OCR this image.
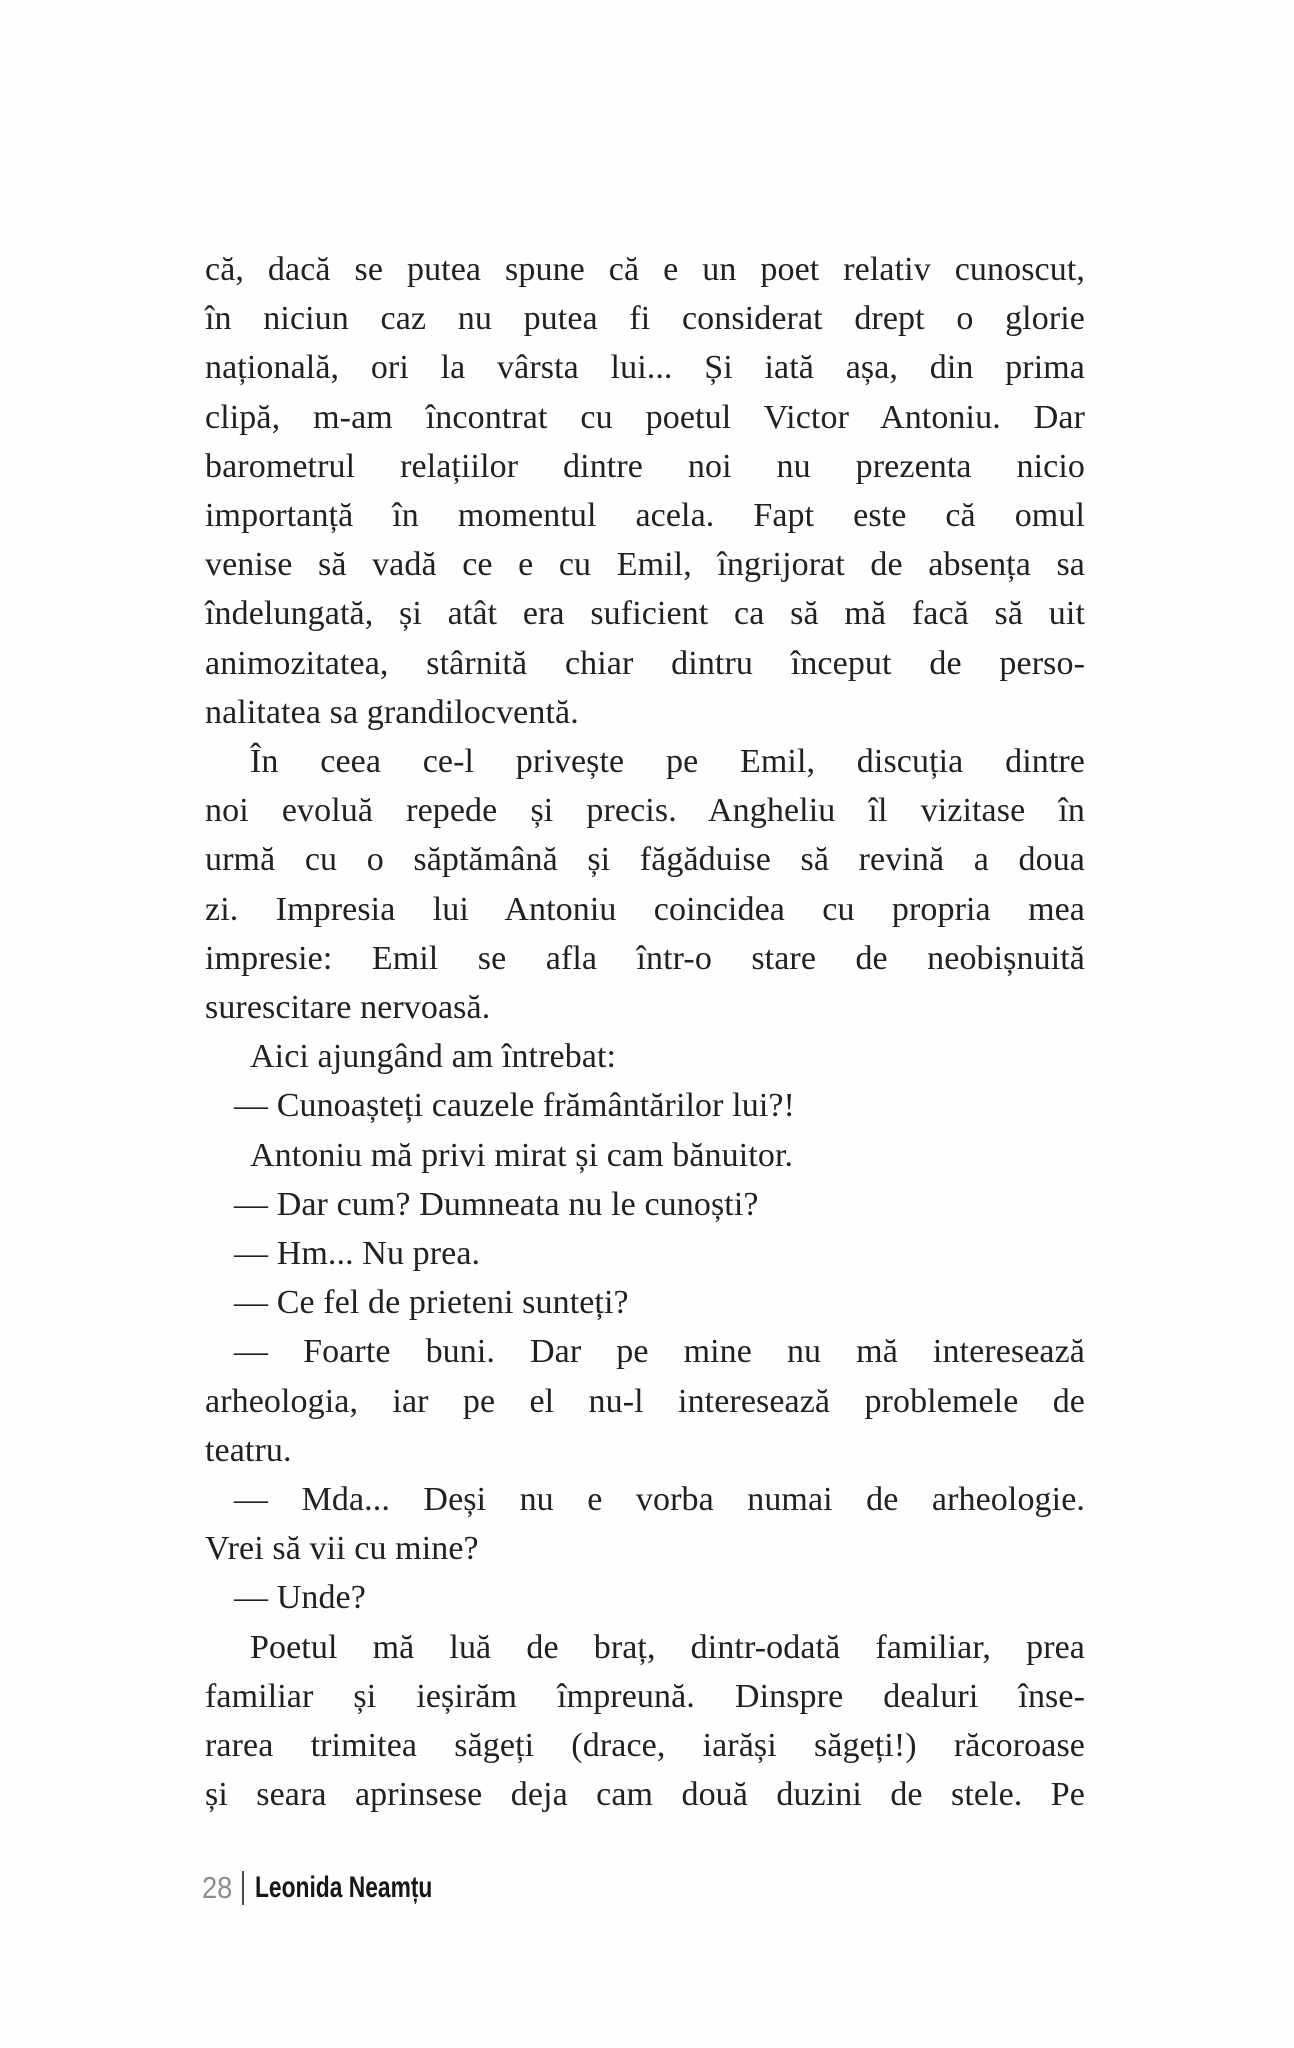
că, dacă se putea spune că e un poet relativ cunoscut,
în niciun caz nu putea fi considerat drept o glorie
națională, ori la vârsta lui... Și iată așa, din prima
clipă, m-am încontrat cu poetul Victor Antoniu. Dar
barometrul relațiilor dintre noi nu prezenta nicio
importanță în momentul acela. Fapt este că omul
venise să vadă ce e cu Emil, îngrijorat de absența sa
îndelungată, și atât era suficient ca să mă facă să uit
animozitatea, stârnită chiar dintru început de perso-
nalitatea sa grandilocventă.
În ceea ce-l privește pe Emil, discuția dintre
noi evoluă repede și precis. Angheliu îl vizitase în
urmă cu o săptămână și făgăduise să revină a doua
zi. Impresia lui Antoniu coincidea cu propria mea
impresie: Emil se afla într-o stare de neobișnuită
surescitare nervoasă.
Aici ajungând am întrebat:
— Cunoașteți cauzele frământărilor lui?!
Antoniu mă privi mirat și cam bănuitor.
— Dar cum? Dumneata nu le cunoști?
— Hm... Nu prea.
— Ce fel de prieteni sunteți?
— Foarte buni. Dar pe mine nu mă interesează
arheologia, iar pe el nu-l interesează problemele de
teatru.
— Mda... Deși nu e vorba numai de arheologie.
Vrei să vii cu mine?
— Unde?
Poetul mă luă de braț, dintr-odată familiar, prea
familiar și ieșirăm împreună. Dinspre dealuri înse-
rarea trimitea săgeți (drace, iarăși săgeți!) răcoroase
și seara aprinsese deja cam două duzini de stele. Pe
28 Leonida Neamțu
